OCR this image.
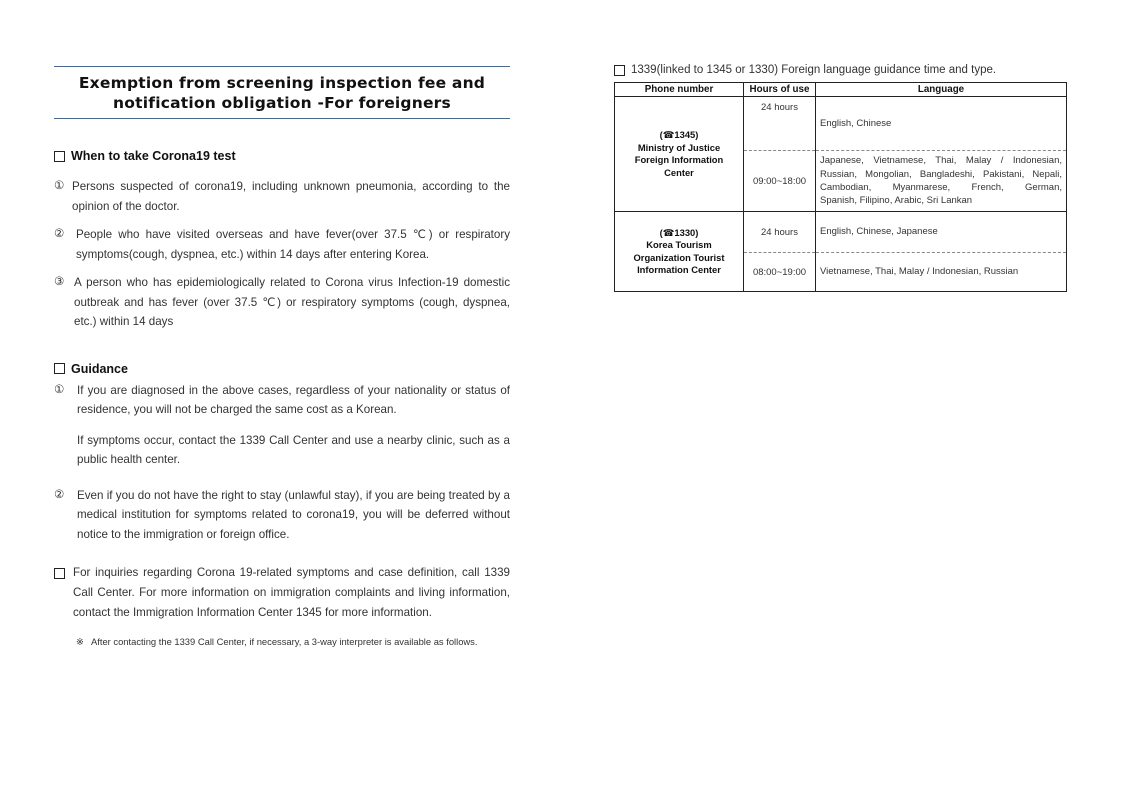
Exemption from screening inspection fee and
notification obligation -For foreigners
When to take Corona19 test
① Persons suspected of corona19, including unknown pneumonia, according to the opinion of the doctor.
②	People who have visited overseas and have fever(over 37.5 ℃) or respiratory symptoms(cough, dyspnea, etc.) within 14 days after entering Korea.
③ A person who has epidemiologically related to Corona virus Infection-19 domestic outbreak and has fever (over 37.5 ℃) or respiratory symptoms (cough, dyspnea, etc.) within 14 days
Guidance
①	If you are diagnosed in the above cases, regardless of your nationality or status of residence, you will not be charged the same cost as a Korean.
If symptoms occur, contact the 1339 Call Center and use a nearby clinic, such as a public health center.
②	Even if you do not have the right to stay (unlawful stay), if you are being treated by a medical institution for symptoms related to corona19, you will be deferred without notice to the immigration or foreign office.
For inquiries regarding Corona 19-related symptoms and case definition, call 1339 Call Center. For more information on immigration complaints and living information, contact the Immigration Information Center 1345 for more information.
※ After contacting the 1339 Call Center, if necessary, a 3-way interpreter is available as follows.
1339(linked to 1345 or 1330) Foreign language guidance time and type.
Phone number	Hours of use	Language

(☎1345)
Ministry of Justice
Foreign Information
Center	24 hours	English, Chinese
	09:00~18:00	Japanese, Vietnamese, Thai, Malay / Indonesian,
Russian, Mongolian, Bangladeshi, Pakistani, Nepali,
Cambodian, Myanmarese, French, German,
Spanish, Filipino, Arabic, Sri Lankan

(☎1330)
Korea Tourism
Organization Tourist
Information Center	24 hours	English, Chinese, Japanese
	08:00~19:00	Vietnamese, Thai, Malay / Indonesian, Russian
